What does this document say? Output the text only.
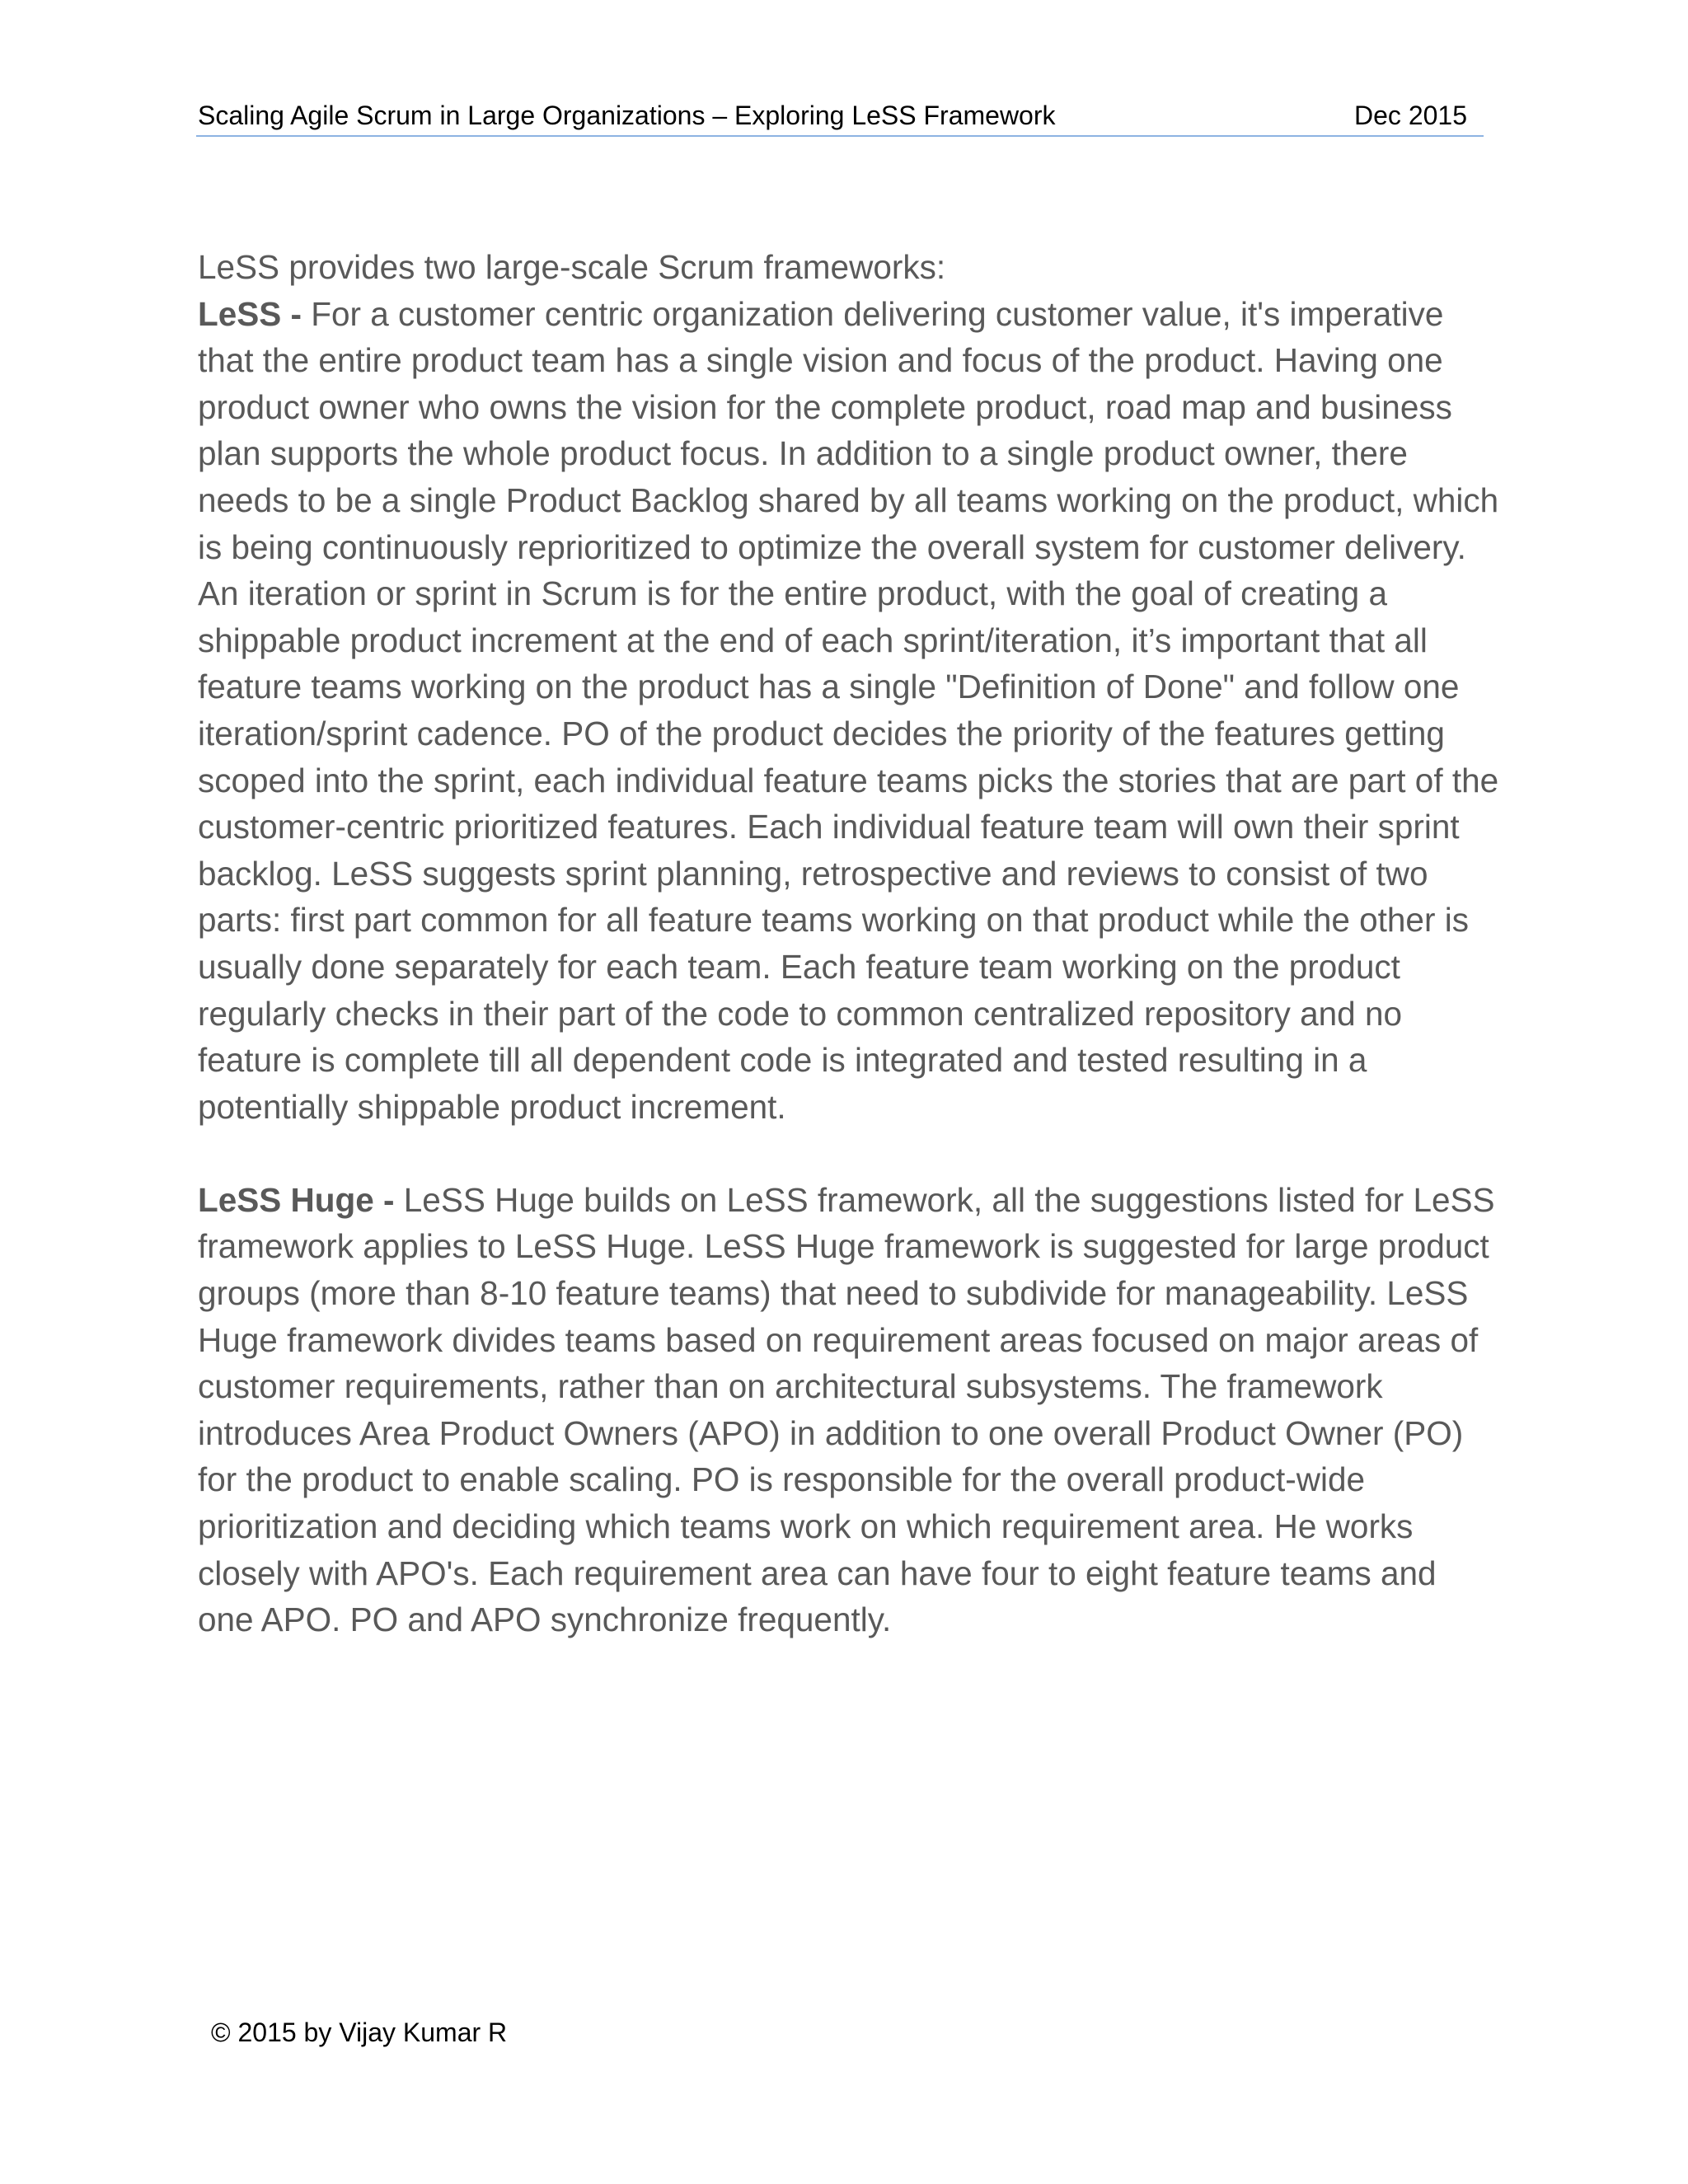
Scaling Agile Scrum in Large Organizations – Exploring LeSS Framework	Dec 2015

LeSS provides two large-scale Scrum frameworks:

LeSS - For a customer centric organization delivering customer value, it's imperative that the entire product team has a single vision and focus of the product. Having one product owner who owns the vision for the complete product, road map and business plan supports the whole product focus. In addition to a single product owner, there needs to be a single Product Backlog shared by all teams working on the product, which is being continuously reprioritized to optimize the overall system for customer delivery. An iteration or sprint in Scrum is for the entire product, with the goal of creating a shippable product increment at the end of each sprint/iteration, it’s important that all feature teams working on the product has a single "Definition of Done" and follow one iteration/sprint cadence. PO of the product decides the priority of the features getting scoped into the sprint, each individual feature teams picks the stories that are part of the customer-centric prioritized features. Each individual feature team will own their sprint backlog. LeSS suggests sprint planning, retrospective and reviews to consist of two parts: first part common for all feature teams working on that product while the other is usually done separately for each team. Each feature team working on the product regularly checks in their part of the code to common centralized repository and no feature is complete till all dependent code is integrated and tested resulting in a potentially shippable product increment.

LeSS Huge - LeSS Huge builds on LeSS framework, all the suggestions listed for LeSS framework applies to LeSS Huge. LeSS Huge framework is suggested for large product groups (more than 8-10 feature teams) that need to subdivide for manageability. LeSS Huge framework divides teams based on requirement areas focused on major areas of customer requirements, rather than on architectural subsystems. The framework introduces Area Product Owners (APO) in addition to one overall Product Owner (PO) for the product to enable scaling. PO is responsible for the overall product-wide prioritization and deciding which teams work on which requirement area. He works closely with APO's. Each requirement area can have four to eight feature teams and one APO. PO and APO synchronize frequently.

© 2015 by Vijay Kumar R
